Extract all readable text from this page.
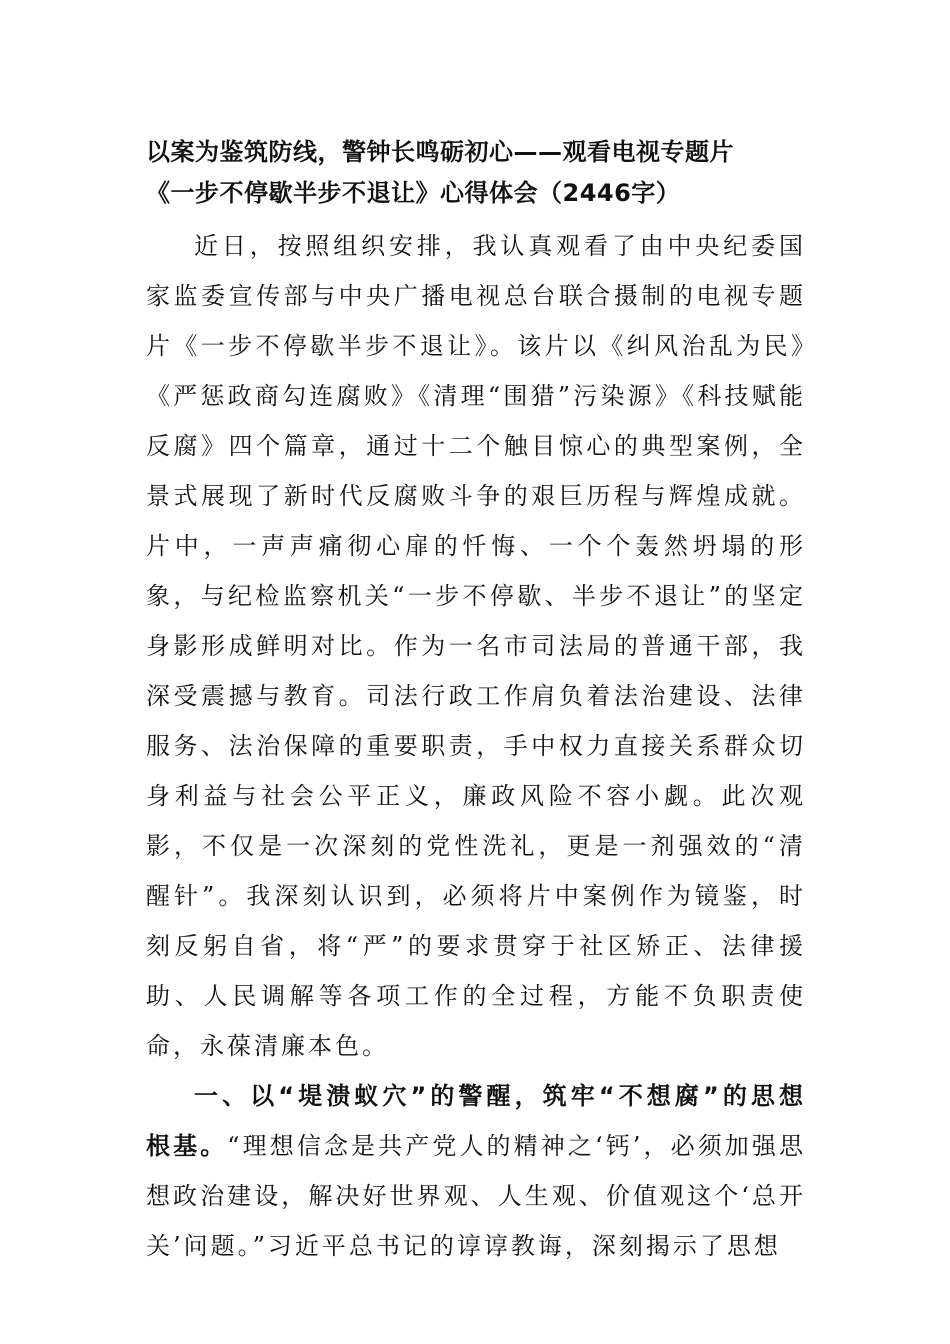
以案为鉴筑防线，警钟长鸣砺初心——观看电视专题片
《一步不停歇半步不退让》心得体会（2446字）

近日，按照组织安排，我认真观看了由中央纪委国家监委宣传部与中央广播电视总台联合摄制的电视专题片《一步不停歇半步不退让》。该片以《纠风治乱为民》《严惩政商勾连腐败》《清理“围猎”污染源》《科技赋能反腐》四个篇章，通过十二个触目惊心的典型案例，全景式展现了新时代反腐败斗争的艰巨历程与辉煌成就。片中，一声声痛彻心扉的忏悔、一个个轰然坍塌的形象，与纪检监察机关“一步不停歇、半步不退让”的坚定身影形成鲜明对比。作为一名市司法局的普通干部，我深受震撼与教育。司法行政工作肩负着法治建设、法律服务、法治保障的重要职责，手中权力直接关系群众切身利益与社会公平正义，廉政风险不容小觑。此次观影，不仅是一次深刻的党性洗礼，更是一剂强效的“清醒针”。我深刻认识到，必须将片中案例作为镜鉴，时刻反躬自省，将“严”的要求贯穿于社区矫正、法律援助、人民调解等各项工作的全过程，方能不负职责使命，永葆清廉本色。

一、以“堤溃蚁穴”的警醒，筑牢“不想腐”的思想根基。“理想信念是共产党人的精神之‘钙’，必须加强思想政治建设，解决好世界观、人生观、价值观这个‘总开关’问题。”习近平总书记的谆谆教诲，深刻揭示了思想
